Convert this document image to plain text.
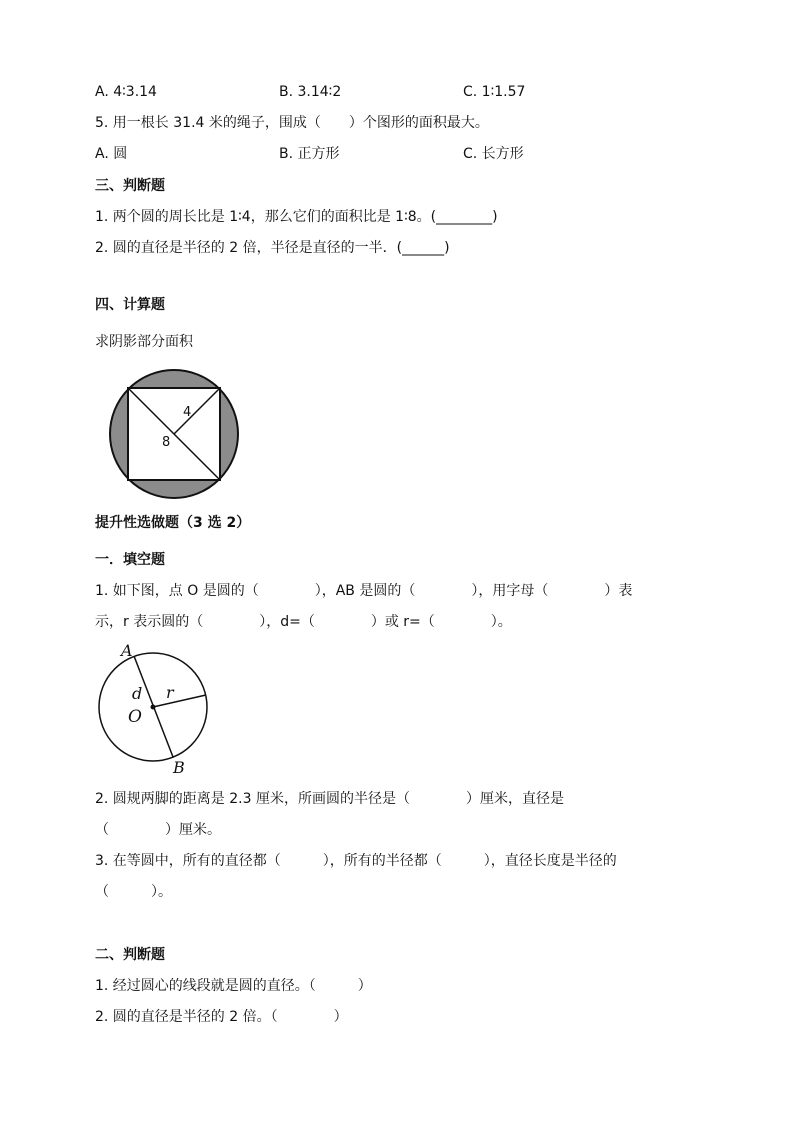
A. 4∶3.14	B. 3.14∶2	C. 1∶1.57
5. 用一根长 31.4 米的绳子，围成（　　）个图形的面积最大。
A. 圆	B. 正方形	C. 长方形
三、判断题
1. 两个圆的周长比是 1∶4，那么它们的面积比是 1∶8。(________)
2. 圆的直径是半径的 2 倍，半径是直径的一半．(______)
四、计算题
求阴影部分面积
4
8
提升性选做题（3 选 2）
一．填空题
1. 如下图，点 O 是圆的（　　　　），AB 是圆的（　　　　），用字母（　　　　）表
示，r 表示圆的（　　　　），d=（　　　　）或 r=（　　　　）。
A
B
O
d r
2. 圆规两脚的距离是 2.3 厘米，所画圆的半径是（　　　　）厘米，直径是
（　　　　）厘米。
3. 在等圆中，所有的直径都（　　　），所有的半径都（　　　），直径长度是半径的
（　　　）。
二、判断题
1. 经过圆心的线段就是圆的直径。（　　　）
2. 圆的直径是半径的 2 倍。（　　　　）
